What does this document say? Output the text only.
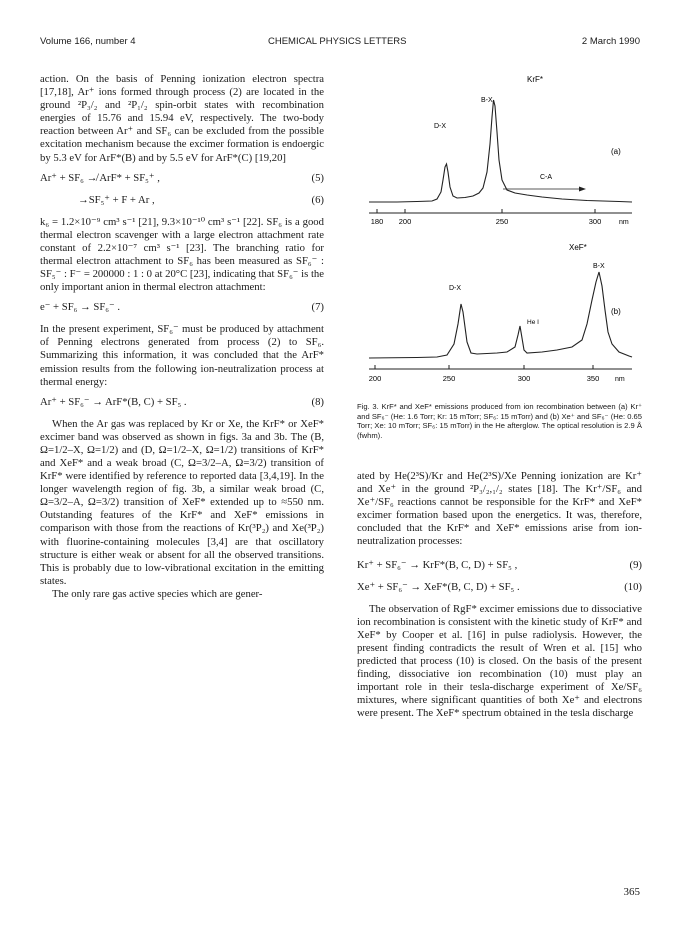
Volume 166, number 4	CHEMICAL PHYSICS LETTERS	2 March 1990

action. On the basis of Penning ionization electron spectra [17,18], Ar⁺ ions formed through process (2) are located in the ground ²P₃/₂ and ²P₁/₂ spin-orbit states with recombination energies of 15.76 and 15.94 eV, respectively. The two-body reaction between Ar⁺ and SF₆ can be excluded from the possible excitation mechanism because the excimer formation is endoergic by 5.3 eV for ArF*(B) and by 5.5 eV for ArF*(C) [19,20]

Ar⁺ + SF₆ ↛ ArF* + SF₅⁺ ,	(5)
→SF₅⁺ + F + Ar ,	(6)

k₆ = 1.2×10⁻⁹ cm³ s⁻¹ [21], 9.3×10⁻¹⁰ cm³ s⁻¹ [22]. SF₆ is a good thermal electron scavenger with a large electron attachment rate constant of 2.2×10⁻⁷ cm³ s⁻¹ [23]. The branching ratio for thermal electron attachment to SF₆ has been measured as SF₆⁻ : SF₅⁻ : F⁻ = 200000 : 1 : 0 at 20°C [23], indicating that SF₆⁻ is the only important anion in thermal electron attachment:

e⁻ + SF₆ → SF₆⁻ .	(7)

In the present experiment, SF₆⁻ must be produced by attachment of Penning electrons generated from process (2) to SF₆. Summarizing this information, it was concluded that the ArF* emission results from the following ion-neutralization process at thermal energy:

Ar⁺ + SF₆⁻ → ArF*(B, C) + SF₅ .	(8)

When the Ar gas was replaced by Kr or Xe, the KrF* or XeF* excimer band was observed as shown in figs. 3a and 3b. The (B, Ω=1/2–X, Ω=1/2) and (D, Ω=1/2–X, Ω=1/2) transitions of KrF* and XeF* and a weak broad (C, Ω=3/2–A, Ω=3/2) transition of KrF* were identified by reference to reported data [3,4,19]. In the longer wavelength region of fig. 3b, a similar weak broad (C, Ω=3/2–A, Ω=3/2) transition of XeF* extended up to ≈550 nm. Outstanding features of the KrF* and XeF* emissions in comparison with those from the reactions of Kr(³P₂) and Xe(³P₂) with fluorine-containing molecules [3,4] are that oscillatory structure is either weak or absent for all the observed transitions. This is probably due to low-vibrational excitation in the emitting states.

The only rare gas active species which are gener-

180 200	250	300	nm
KrF*
B-X
D-X
C-A
(a)
200	250	300	350 nm
XeF*
B-X
D-X
He I
(b)
Fig. 3. KrF* and XeF* emissions produced from ion recombination between (a) Kr⁺ and SF₆⁻ (He: 1.6 Torr; Kr: 15 mTorr; SF₆: 15 mTorr) and (b) Xe⁺ and SF₆⁻ (He: 0.65 Torr; Xe: 10 mTorr; SF₆: 15 mTorr) in the He afterglow. The optical resolution is 2.9 Å (fwhm).

ated by He(2³S)/Kr and He(2³S)/Xe Penning ionization are Kr⁺ and Xe⁺ in the ground ²P₃/₂,₁/₂ states [18]. The Kr⁺/SF₆ and Xe⁺/SF₆ reactions cannot be responsible for the KrF* and XeF* excimer formation based upon the energetics. It was, therefore, concluded that the KrF* and XeF* emissions arise from ion-neutralization processes:

Kr⁺ + SF₆⁻ → KrF*(B, C, D) + SF₅ ,	(9)
Xe⁺ + SF₆⁻ → XeF*(B, C, D) + SF₅ .	(10)

The observation of RgF* excimer emissions due to dissociative ion recombination is consistent with the kinetic study of KrF* and XeF* by Cooper et al. [16] in pulse radiolysis. However, the present finding contradicts the result of Wren et al. [15] who predicted that process (10) is closed. On the basis of the present finding, dissociative ion recombination (10) must play an important role in their tesla-discharge experiment of Xe/SF₆ mixtures, where significant quantities of both Xe⁺ and electrons were present. The XeF* spectrum obtained in the tesla discharge

365
